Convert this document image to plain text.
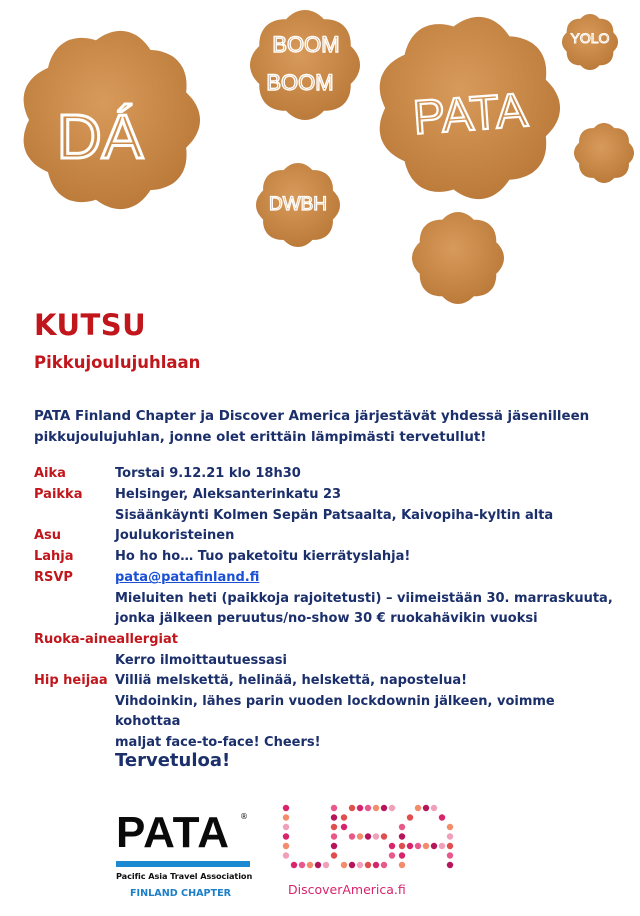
DÁ
BOOM
BOOM
DWBH
PATA
YOLO
KUTSU
Pikkujoulujuhlaan

PATA Finland Chapter ja Discover America järjestävät yhdessä jäsenilleen pikkujoulujuhlan, jonne olet erittäin lämpimästi tervetullut!

Aika	Torstai 9.12.21 klo 18h30
Paikka	Helsinger, Aleksanterinkatu 23
Sisäänkäynti Kolmen Sepän Patsaalta, Kaivopiha-kyltin alta
Asu	Joulukoristeinen
Lahja	Ho ho ho… Tuo paketoitu kierrätyslahja!
RSVP	pata@patafinland.fi
Mieluiten heti (paikkoja rajoitetusti) – viimeistään 30. marraskuuta,
jonka jälkeen peruutus/no-show 30 € ruokahävikin vuoksi
Ruoka-aineallergiat
Kerro ilmoittautuessasi
Hip heijaa Villiä melskettä, helinää, helskettä, napostelua!
Vihdoinkin, lähes parin vuoden lockdownin jälkeen, voimme kohottaa
maljat face-to-face! Cheers!

Tervetuloa!

PATA ®
Pacific Asia Travel Association
FINLAND CHAPTER	DiscoverAmerica.fi
